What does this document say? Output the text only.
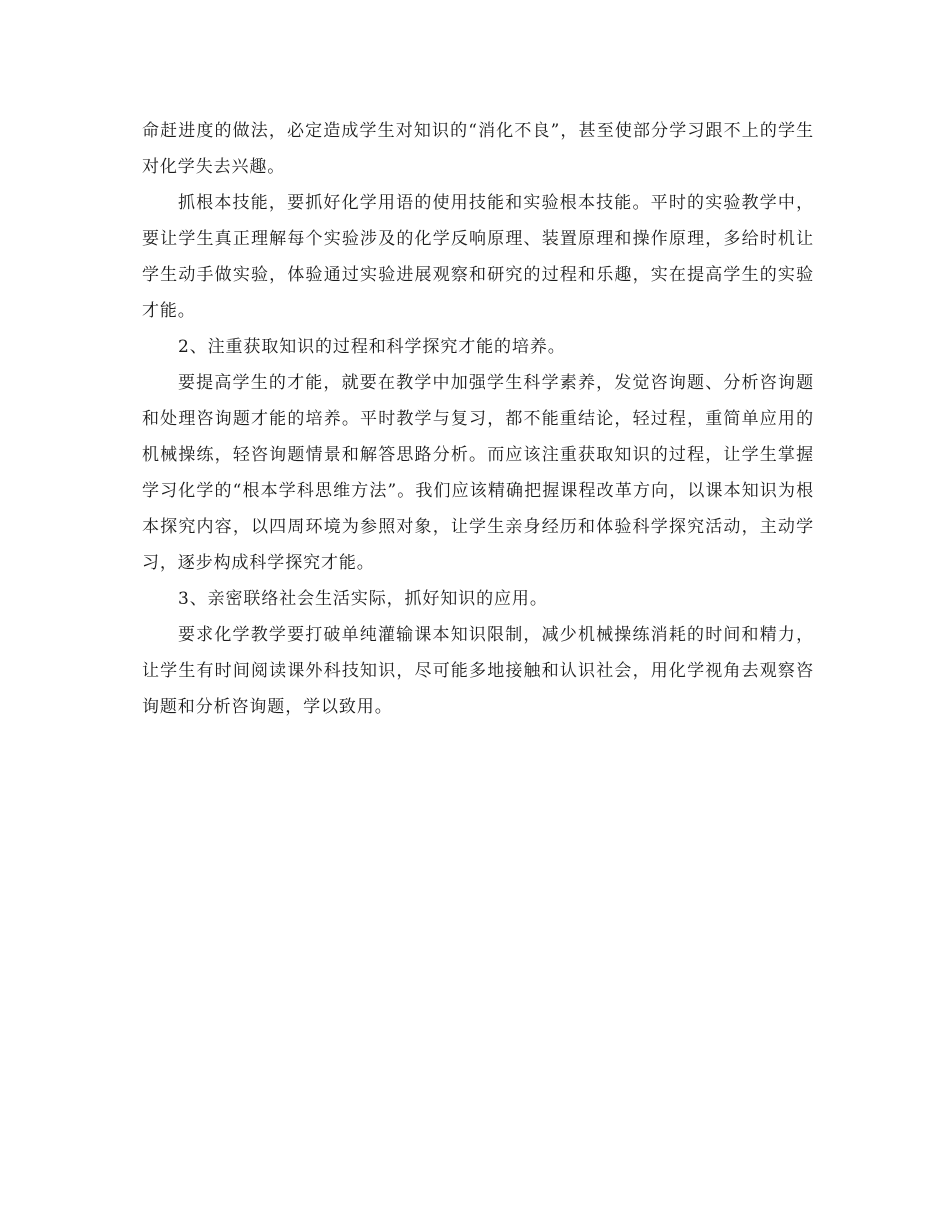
命赶进度的做法，必定造成学生对知识的“消化不良”，甚至使部分学习跟不上的学生对化学失去兴趣。

抓根本技能，要抓好化学用语的使用技能和实验根本技能。平时的实验教学中，要让学生真正理解每个实验涉及的化学反响原理、装置原理和操作原理，多给时机让学生动手做实验，体验通过实验进展观察和研究的过程和乐趣，实在提高学生的实验才能。

2、注重获取知识的过程和科学探究才能的培养。

要提高学生的才能，就要在教学中加强学生科学素养，发觉咨询题、分析咨询题和处理咨询题才能的培养。平时教学与复习，都不能重结论，轻过程，重简单应用的机械操练，轻咨询题情景和解答思路分析。而应该注重获取知识的过程，让学生掌握学习化学的“根本学科思维方法”。我们应该精确把握课程改革方向，以课本知识为根本探究内容，以四周环境为参照对象，让学生亲身经历和体验科学探究活动，主动学习，逐步构成科学探究才能。

3、亲密联络社会生活实际，抓好知识的应用。

要求化学教学要打破单纯灌输课本知识限制，减少机械操练消耗的时间和精力，让学生有时间阅读课外科技知识，尽可能多地接触和认识社会，用化学视角去观察咨询题和分析咨询题，学以致用。
